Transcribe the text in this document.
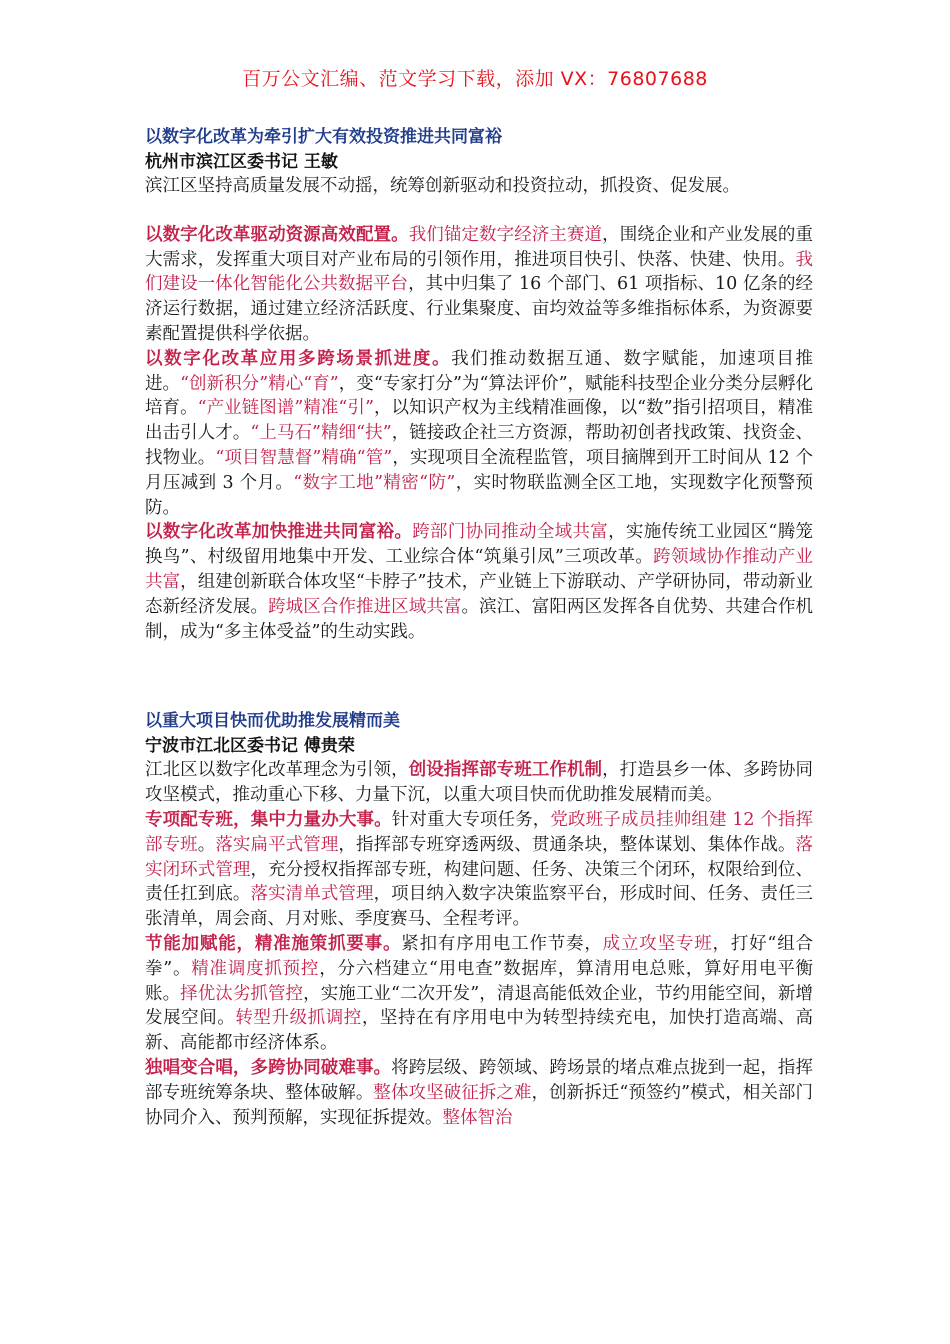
百万公文汇编、范文学习下载，添加 VX：76807688
以数字化改革为牵引扩大有效投资推进共同富裕
杭州市滨江区委书记 王敏

滨江区坚持高质量发展不动摇，统筹创新驱动和投资拉动，抓投资、促发展。

以数字化改革驱动资源高效配置。我们锚定数字经济主赛道，围绕企业和产业发展的重大需求，发挥重大项目对产业布局的引领作用，推进项目快引、快落、快建、快用。我们建设一体化智能化公共数据平台，其中归集了 16 个部门、61 项指标、10 亿条的经济运行数据，通过建立经济活跃度、行业集聚度、亩均效益等多维指标体系，为资源要素配置提供科学依据。

以数字化改革应用多跨场景抓进度。我们推动数据互通、数字赋能，加速项目推进。“创新积分”精心“育”，变“专家打分”为“算法评价”，赋能科技型企业分类分层孵化培育。“产业链图谱”精准“引”，以知识产权为主线精准画像，以“数”指引招项目，精准出击引人才。“上马石”精细“扶”，链接政企社三方资源，帮助初创者找政策、找资金、找物业。“项目智慧督”精确“管”，实现项目全流程监管，项目摘牌到开工时间从 12 个月压减到 3 个月。“数字工地”精密“防”，实时物联监测全区工地，实现数字化预警预防。

以数字化改革加快推进共同富裕。跨部门协同推动全域共富，实施传统工业园区“腾笼换鸟”、村级留用地集中开发、工业综合体“筑巢引凤”三项改革。跨领域协作推动产业共富，组建创新联合体攻坚“卡脖子”技术，产业链上下游联动、产学研协同，带动新业态新经济发展。跨城区合作推进区域共富。滨江、富阳两区发挥各自优势、共建合作机制，成为“多主体受益”的生动实践。

以重大项目快而优助推发展精而美
宁波市江北区委书记 傅贵荣

江北区以数字化改革理念为引领，创设指挥部专班工作机制，打造县乡一体、多跨协同攻坚模式，推动重心下移、力量下沉，以重大项目快而优助推发展精而美。

专项配专班，集中力量办大事。针对重大专项任务，党政班子成员挂帅组建 12 个指挥部专班。落实扁平式管理，指挥部专班穿透两级、贯通条块，整体谋划、集体作战。落实闭环式管理，充分授权指挥部专班，构建问题、任务、决策三个闭环，权限给到位、责任扛到底。落实清单式管理，项目纳入数字决策监察平台，形成时间、任务、责任三张清单，周会商、月对账、季度赛马、全程考评。

节能加赋能，精准施策抓要事。紧扣有序用电工作节奏，成立攻坚专班，打好“组合拳”。精准调度抓预控，分六档建立“用电查”数据库，算清用电总账，算好用电平衡账。择优汰劣抓管控，实施工业“二次开发”，清退高能低效企业，节约用能空间，新增发展空间。转型升级抓调控，坚持在有序用电中为转型持续充电，加快打造高端、高新、高能都市经济体系。

独唱变合唱，多跨协同破难事。将跨层级、跨领域、跨场景的堵点难点拢到一起，指挥部专班统筹条块、整体破解。整体攻坚破征拆之难，创新拆迁“预签约”模式，相关部门协同介入、预判预解，实现征拆提效。整体智治
